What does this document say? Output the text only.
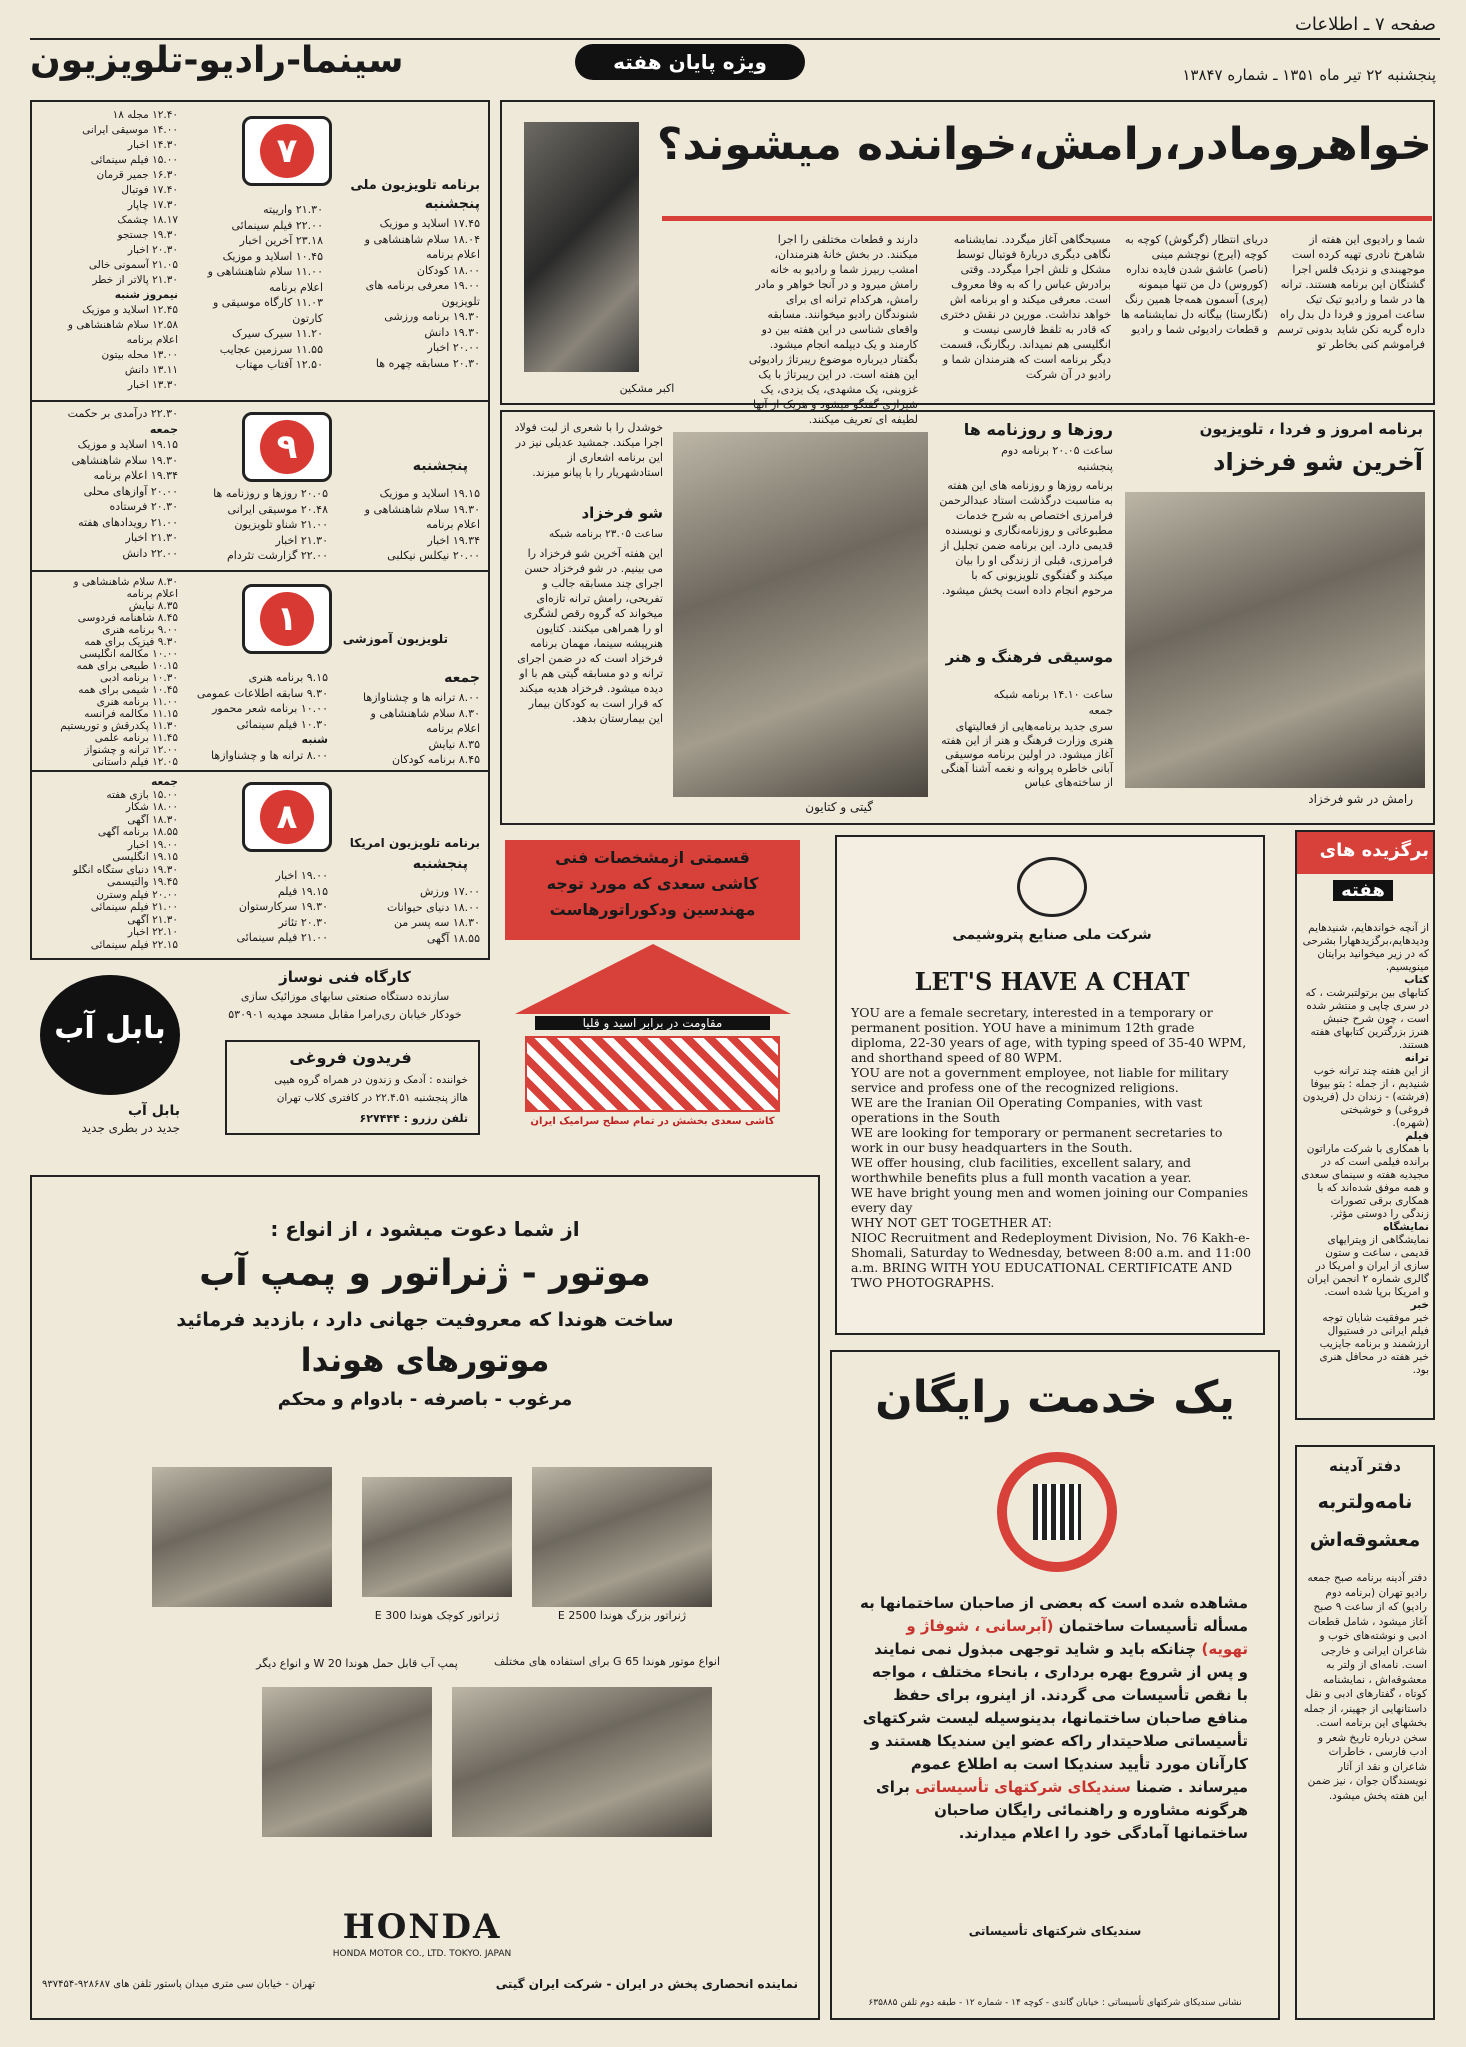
سینما-رادیو-تلویزیون	ویژه پایان هفته
صفحه ۷ ـ اطلاعات
پنجشنبه ۲۲ تیر ماه ۱۳۵۱ ـ شماره ۱۳۸۴۷
۷
برنامه تلویزیون ملی
پنجشنبه
۱۷.۴۵ اسلاید و موزیک
۱۸.۰۴ سلام شاهنشاهی و
اعلام برنامه
۱۸.۰۰ کودکان
۱۹.۰۰ معرفی برنامه های
تلویزیون
۱۹.۳۰ برنامه ورزشی
۱۹.۳۰ دانش
۲۰.۰۰ اخبار
۲۰.۳۰ مسابقه چهره ها
۲۱.۳۰ وارییته
۲۲.۰۰ فیلم سینمائی
۲۳.۱۸ آخرین اخبار
۱۰.۴۵ اسلاید و موزیک
۱۱.۰۰ سلام شاهنشاهی و
اعلام برنامه
۱۱.۰۳ کارگاه موسیقی و
کارتون
۱۱.۲۰ سیرک سیرک
۱۱.۵۵ سرزمین عجایب
۱۲.۵۰ آفتاب مهتاب
۱۲.۴۰ مجله ۱۸
۱۴.۰۰ موسیقی ایرانی
۱۴.۳۰ اخبار
۱۵.۰۰ فیلم سینمائی
۱۶.۳۰ جمیر قرمان
۱۷.۴۰ فوتبال
۱۷.۳۰ چاپار
۱۸.۱۷ چشمک
۱۹.۳۰ جستجو
۲۰.۳۰ اخبار
۲۱.۰۵ آسمونی خالی
۲۱.۳۰ پالاتر از خطر
نیمروز شنبه
۱۲.۴۵ اسلاید و موزیک
۱۲.۵۸ سلام شاهنشاهی و
اعلام برنامه
۱۳.۰۰ محله بیتون
۱۳.۱۱ دانش
۱۳.۳۰ اخبار
۹	پنجشنبه
۱۹.۱۵ اسلاید و موزیک
۱۹.۳۰ سلام شاهنشاهی و
اعلام برنامه
۱۹.۳۴ اخبار
۲۰.۰۰ نیکلس نیکلبی
۲۰.۰۵ روزها و روزنامه ها
۲۰.۴۸ موسیقی ایرانی
۲۱.۰۰ شناو تلویزیون
۲۱.۳۰ اخبار
۲۲.۰۰ گزارشت تئردام
۲۲.۳۰ درآمدی بر حکمت
جمعه
۱۹.۱۵ اسلاید و موزیک
۱۹.۳۰ سلام شاهنشاهی
۱۹.۳۴ اعلام برنامه
۲۰.۰۰ آوازهای محلی
۲۰.۳۰ فرستاده
۲۱.۰۰ رویدادهای هفته
۲۱.۳۰ اخبار
۲۲.۰۰ دانش
۱	تلویزیون آموزشی
جمعه
۸.۰۰ ترانه ها و چشناوازها
۸.۳۰ سلام شاهنشاهی و
اعلام برنامه
۸.۳۵ نیایش
۸.۴۵ برنامه کودکان
۹.۱۵ برنامه هنری
۹.۳۰ سابقه اطلاعات عمومی
۱۰.۰۰ برنامه شعر محمور
۱۰.۳۰ فیلم سینمائی
شنبه
۸.۰۰ ترانه ها و چشناوازها
۸.۳۰ سلام شاهنشاهی و
اعلام برنامه
۸.۳۵ نیایش
۸.۴۵ شاهنامه فردوسی
۹.۰۰ برنامه هنری
۹.۳۰ فیزیک برای همه
۱۰.۰۰ مکالمه انگلیسی
۱۰.۱۵ طبیعی برای همه
۱۰.۳۰ برنامه ادبی
۱۰.۴۵ شیمی برای همه
۱۱.۰۰ برنامه هنری
۱۱.۱۵ مکالمه فرانسه
۱۱.۳۰ پکدرقش و توریستیم
۱۱.۴۵ برنامه علمی
۱۲.۰۰ ترانه و چشنواز
۱۲.۰۵ فیلم داستانی
۸
برنامه تلویزیون امریکا
پنجشنبه
۱۷.۰۰ ورزش
۱۸.۰۰ دنیای حیوانات
۱۸.۳۰ سه پسر من
۱۸.۵۵ آگهی
۱۹.۰۰ اخبار
۱۹.۱۵ فیلم
۱۹.۳۰ سرکارستوان
۲۰.۳۰ تئاتر
۲۱.۰۰ فیلم سینمائی
جمعه
۱۵.۰۰ بازی هفته
۱۸.۰۰ شکار
۱۸.۳۰ آگهی
۱۸.۵۵ برنامه آگهی
۱۹.۰۰ اخبار
۱۹.۱۵ انگلیسی
۱۹.۳۰ دنیای ستگاه انگلو
۱۹.۴۵ والتیسمی
۲۰.۰۰ فیلم وسترن
۲۱.۰۰ فیلم سینمائی
۲۱.۳۰ آگهی
۲۲.۱۰ اخبار
۲۲.۱۵ فیلم سینمائی
اکبر مشکین
خواهرومادر،رامش،خواننده میشوند؟
شما و رادیوی این هفته از شاهرخ نادری تهیه کرده است موجهبندی و نزدیک فلس اجرا گشتگان این برنامه هستند. ترانه ها در شما و رادیو تیک تیک ساعت امروز و فردا دل بدل راه داره گریه نکن شاید بدونی ترسم فراموشم کنی بخاطر تو
دریای انتظار (گرگوش) کوچه به کوچه (ایرج) نوچشم مینی (ناصر) عاشق شدن فایده نداره (کوروس) دل من تنها میمونه (پری) آسمون همه‌جا همین رنگ (نگارستا) بیگانه دل نمایشنامه ها و قطعات رادیوئی شما و رادیو
مسیحگاهی آغاز میگردد. نمایشنامه نگاهی دیگری دربارهٔ فوتبال توسط مشکل و تلش اجرا میگردد. وقتی برادرش عباس را که به وفا معروف است. معرفی میکند و او برنامه اش خواهد نداشت. مورین در نقش دختری که قادر به تلفظ فارسی نیست و انگلیسی هم نمیداند. ربگارنگ، قسمت دیگر برنامه است که هنرمندان شما و رادیو در آن شرکت
دارند و قطعات مختلفی را اجرا میکنند. در بخش خانهٔ هنرمندان، امشب ربیرز شما و رادیو به خانه رامش میرود و در آنجا خواهر و مادر رامش، هرکدام ترانه ای برای شنوندگان رادیو میخوانند. مسابقه واقعای شناسی در این هفته بین دو کارمند و یک دیپلمه انجام میشود. بگفتار دیرباره موضوع ریبرتاژ رادیوئی این هفته است. در این ریبرتاژ با یک غزوبنی، یک مشهدی، یک یزدی، یک شیرازی گفتگو میشود و هریک از آنها لطیفه ای تعریف میکنند.
برنامه امروز و فردا ، تلویزیون
آخرین شو فرخزاد
رامش در شو فرخزاد
روزها و روزنامه ها
ساعت ۲۰.۰۵ برنامه دوم
پنجشنبه
برنامه روزها و روزنامه های این هفته به مناسبت درگذشت استاد عبدالرحمن فرامرزی اختصاص به شرح خدمات مطبوعاتی و روزنامه‌نگاری و نویسنده قدیمی دارد. این برنامه ضمن تجلیل از فرامرزی، قبلی از زندگی او را بیان میکند و گفتگوی تلویزیونی که با مرحوم انجام داده است پخش میشود.
موسیقی فرهنگ و هنر
ساعت ۱۴.۱۰ برنامه شبکه
جمعه
سری جدید برنامه‌هایی از فعالیتهای هنری وزارت فرهنگ و هنر از این هفته آغاز میشود. در اولین برنامه موسیقی آبانی خاطره پروانه و نغمه آشنا آهنگی از ساخته‌های عباس
گیتی و کتایون
خوشدل را با شعری از لبت فولاد اجرا میکند. جمشید عدیلی نیز در این برنامه اشعاری از استادشهریار را با پیانو میزند.
شو فرخزاد
ساعت ۲۳.۰۵ برنامه شبکه
این هفته آخرین شو فرخزاد را می بینیم. در شو فرخزاد حسن اجرای چند مسابقه جالب و تفریحی، رامش ترانه تازه‌ای میخواند که گروه رقص لشگری او را همراهی میکنند. کتایون هنرپیشه سینما، مهمان برنامه فرخزاد است که در ضمن اجرای ترانه و دو مسابقه گیتی هم با او دیده میشود. فرخزاد هدیه میکند که قرار است به کودکان بیمار این بیمارستان بدهد.
بابل آب
بابل آب
جدید در بطری جدید
کارگاه فنی نوساز
سازنده دستگاه صنعتی سابهای موزائیک سازی
خودکار خیابان ری‌رامرا مقابل مسجد مهدیه ۵۳۰۹۰۱
فریدون فروغی
خواننده : آدمک و زندون در همراه گروه هیپی
هااز پنجشنبه ۲۲.۴.۵۱ در کافتری کلاب تهران
تلفن رزرو : ۶۲۷۴۴۴
قسمتی ازمشخصات فنی
کاشی سعدی که مورد توجه
مهندسین ودکوراتورهاست
مقاومت در برابر اسید و قلیا
کاشی سعدی بخشش در تمام سطح سرامیک ایران
شرکت ملی صنایع پتروشیمی
LET'S HAVE A CHAT
YOU are a female secretary, interested in a temporary or permanent position. YOU have a minimum 12th grade diploma, 22-30 years of age, with typing speed of 35-40 WPM, and shorthand speed of 80 WPM.
YOU are not a government employee, not liable for military service and profess one of the recognized religions.
WE are the Iranian Oil Operating Companies, with vast operations in the South
WE are looking for temporary or permanent secretaries to work in our busy headquarters in the South.
WE offer housing, club facilities, excellent salary, and worthwhile benefits plus a full month vacation a year.
WE have bright young men and women joining our Companies every day
WHY NOT GET TOGETHER AT:
NIOC Recruitment and Redeployment Division, No. 76 Kakh-e-Shomali, Saturday to Wednesday, between 8:00 a.m. and 11:00 a.m. BRING WITH YOU EDUCATIONAL CERTIFICATE AND TWO PHOTOGRAPHS.
برگزیده های
هفته
از آنچه خواندهایم، شنیدهایم ودیدهایم،برگزیدههارا بشرحی که در زیر میخوانید برایتان مینویسیم.
کتاب
کتابهای بین برتولتبرشت ، که در سری چاپی و منتشر شده است ، چون شرح جنبش هنرز بزرگترین کتابهای هفته هستند.
ترانه
از این هفته چند ترانه خوب شنیدیم ، از جمله : بتو بیوفا (فرشته) - زندان دل (فریدون فروغی) و خوشبختی (شهره).
فیلم
با همکاری با شرکت ماراتون برانده فیلمی است که در مجیدیه هفته و سینمای سعدی و همه موفق شده‌اند که با همکاری برقی تصورات زندگی را دوستی مؤثر.
نمایشگاه
نمایشگاهی از ویترایهای قدیمی ، ساعت و ستون سازی از ایران و امریکا در گالری شماره ۲ انجمن ایران و امریکا برپا شده است.
خبر
خبر موفقیت شایان توجه فیلم ایرانی در فستیوال ارزشمند و برنامه جایزیب خبر هفته در محافل هنری بود.
از شما دعوت میشود ، از انواع :
موتور - ژنراتور و پمپ آب
ساخت هوندا که معروفیت جهانی دارد ، بازدید فرمائید
موتورهای هوندا
مرغوب - باصرفه - بادوام و محکم
ژنراتور کوچک هوندا E 300	ژنراتور بزرگ هوندا E 2500
پمپ آب قابل حمل هوندا W 20 و انواع دیگر	انواع موتور هوندا G 65 برای استفاده های مختلف
HONDA
HONDA MOTOR CO., LTD. TOKYO. JAPAN
نماینده انحصاری پخش در ایران - شرکت ایران گیتی
تهران - خیابان سی متری میدان پاستور تلفن های ۹۲۸۶۸۷-۹۳۷۴۵۴
یک خدمت رایگان
مشاهده شده است که بعضی از صاحبان ساختمانها به مسأله تأسیسات ساختمان (آبرسانی ، شوفاژ و تهویه) چنانکه باید و شاید توجهی مبذول نمی نمایند و پس از شروع بهره برداری ، بانحاء مختلف ، مواجه با نقص تأسیسات می گردند. از اینرو، برای حفظ منافع صاحبان ساختمانها، بدینوسیله لیست شرکتهای تأسیساتی صلاحیتدار راکه عضو این سندیکا هستند و کارآنان مورد تأیید سندیکا است به اطلاع عموم میرساند . ضمنا سندیکای شرکتهای تأسیساتی برای هرگونه مشاوره و راهنمائی رایگان صاحبان ساختمانها آمادگی خود را اعلام میدارند.
سندیکای شرکتهای تأسیساتی
نشانی سندیکای شرکتهای تأسیساتی : خیابان گاندی - کوچه ۱۴ - شماره ۱۲ - طبقه دوم تلفن ۶۳۵۸۸۵
دفتر آدینه
نامه‌ولتربه معشوقه‌اش
دفتر آدینه برنامه صبح جمعه رادیو تهران (برنامه دوم رادیو) که از ساعت ۹ صبح آغاز میشود ، شامل قطعات ادبی و نوشته‌های خوب و شاعران ایرانی و خارجی است. نامه‌ای از ولتر به معشوقه‌اش ، نمایشنامه کوتاه ، گفتارهای ادبی و نقل داستانهایی از جهینر، از جمله بخشهای این برنامه است. سخن درباره تاریخ شعر و ادب فارسی ، خاطرات شاعران و نقد از آثار نویسندگان جوان ، نیز ضمن این هفته پخش میشود.
